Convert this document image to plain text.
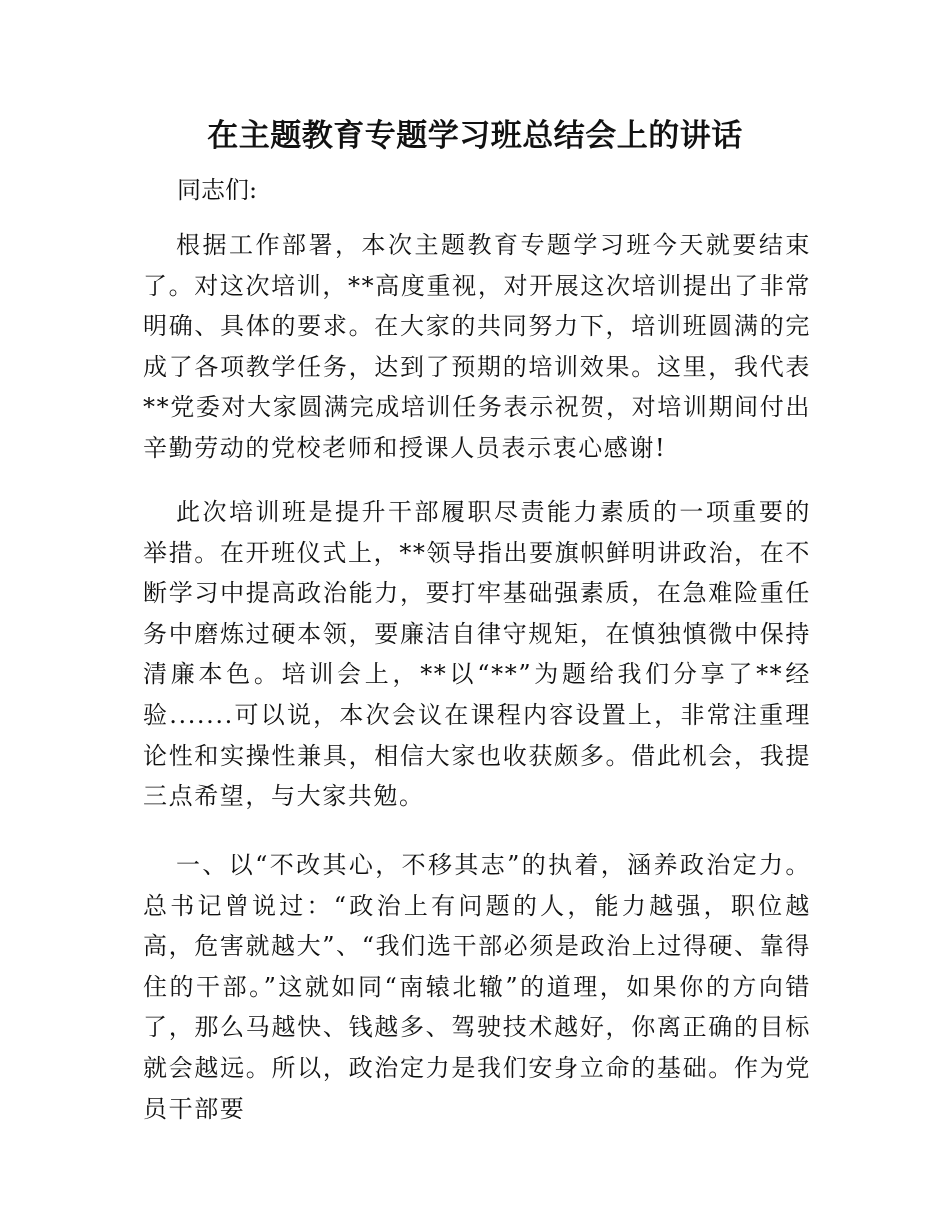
在主题教育专题学习班总结会上的讲话

同志们:

根据工作部署，本次主题教育专题学习班今天就要结束了。对这次培训，**高度重视，对开展这次培训提出了非常明确、具体的要求。在大家的共同努力下，培训班圆满的完成了各项教学任务，达到了预期的培训效果。这里，我代表**党委对大家圆满完成培训任务表示祝贺，对培训期间付出辛勤劳动的党校老师和授课人员表示衷心感谢!

此次培训班是提升干部履职尽责能力素质的一项重要的举措。在开班仪式上，**领导指出要旗帜鲜明讲政治，在不断学习中提高政治能力，要打牢基础强素质，在急难险重任务中磨炼过硬本领，要廉洁自律守规矩，在慎独慎微中保持清廉本色。培训会上，**以“**”为题给我们分享了**经验.......可以说，本次会议在课程内容设置上，非常注重理论性和实操性兼具，相信大家也收获颇多。借此机会，我提三点希望，与大家共勉。

一、以“不改其心，不移其志”的执着，涵养政治定力。总书记曾说过：“政治上有问题的人，能力越强，职位越高，危害就越大”、“我们选干部必须是政治上过得硬、靠得住的干部。”这就如同“南辕北辙”的道理，如果你的方向错了，那么马越快、钱越多、驾驶技术越好，你离正确的目标就会越远。所以，政治定力是我们安身立命的基础。作为党员干部要
